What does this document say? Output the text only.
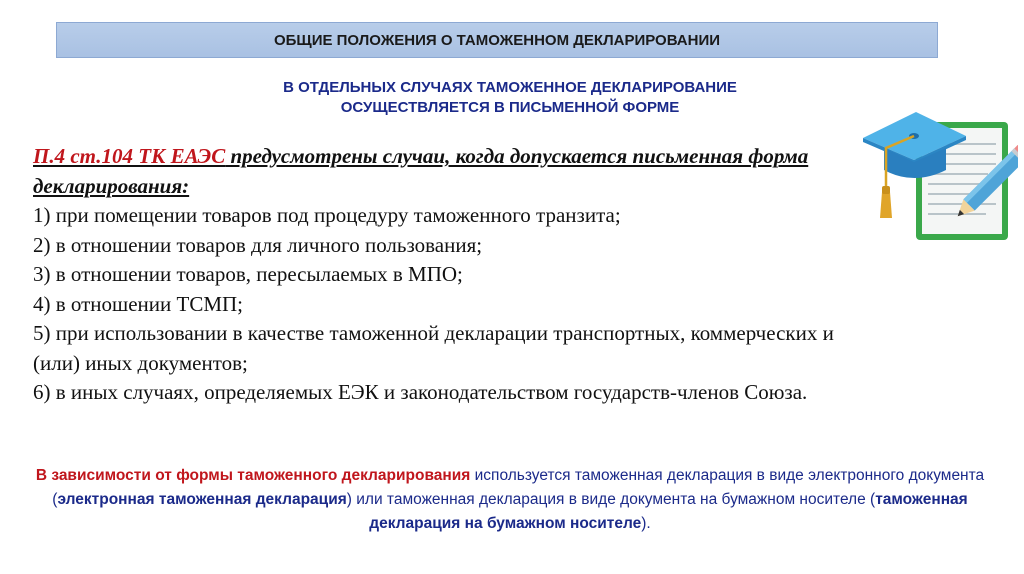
ОБЩИЕ ПОЛОЖЕНИЯ О ТАМОЖЕННОМ ДЕКЛАРИРОВАНИИ
В ОТДЕЛЬНЫХ СЛУЧАЯХ ТАМОЖЕННОЕ ДЕКЛАРИРОВАНИЕ
ОСУЩЕСТВЛЯЕТСЯ В ПИСЬМЕННОЙ ФОРМЕ
П.4 ст.104 ТК ЕАЭС предусмотрены случаи, когда допускается письменная форма декларирования:
1) при помещении товаров под процедуру таможенного транзита;
2) в отношении товаров для личного пользования;
3) в отношении товаров, пересылаемых в МПО;
4) в отношении ТСМП;
5) при использовании в качестве таможенной декларации транспортных, коммерческих и (или) иных документов;
6) в иных случаях, определяемых ЕЭК и законодательством государств-членов Союза.
В зависимости от формы таможенного декларирования используется таможенная декларация в виде электронного документа (электронная таможенная декларация) или таможенная декларация в виде документа на бумажном носителе (таможенная декларация на бумажном носителе).
